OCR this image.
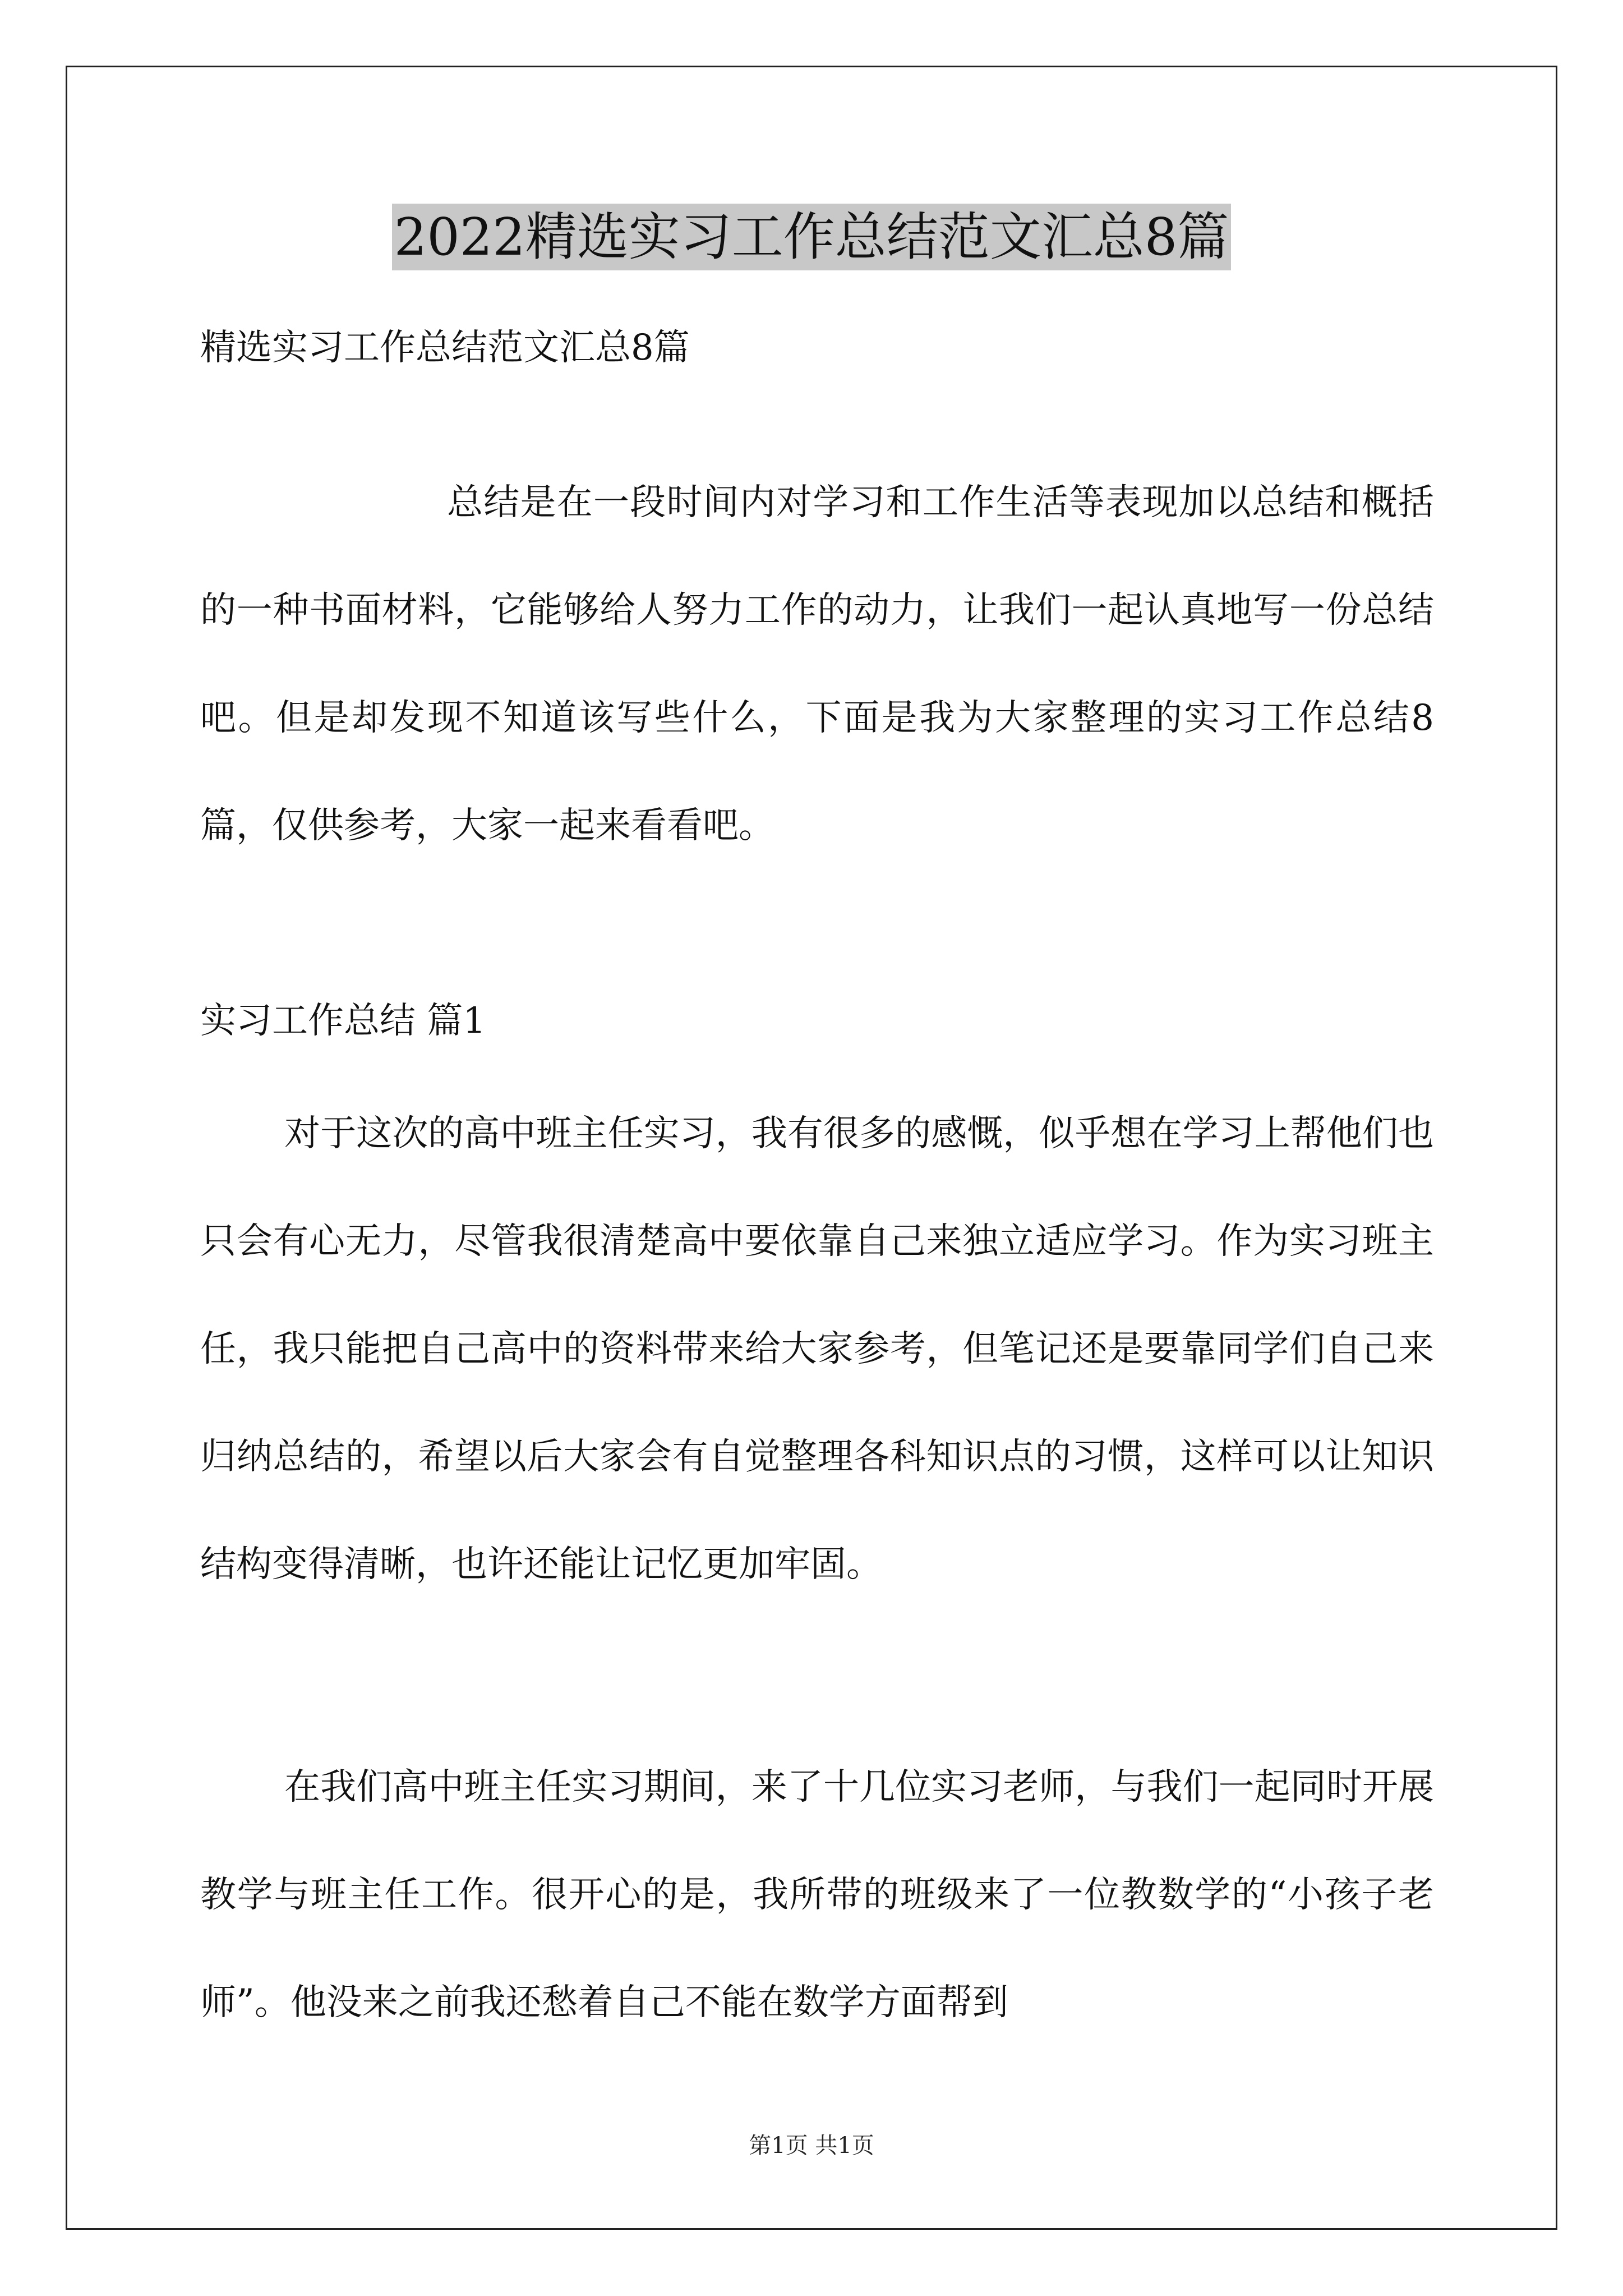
2022精选实习工作总结范文汇总8篇
精选实习工作总结范文汇总8篇
总结是在一段时间内对学习和工作生活等表现加以总结和概括的一种书面材料，它能够给人努力工作的动力，让我们一起认真地写一份总结吧。但是却发现不知道该写些什么，下面是我为大家整理的实习工作总结8篇，仅供参考，大家一起来看看吧。
实习工作总结 篇1
对于这次的高中班主任实习，我有很多的感慨，似乎想在学习上帮他们也只会有心无力，尽管我很清楚高中要依靠自己来独立适应学习。作为实习班主任，我只能把自己高中的资料带来给大家参考，但笔记还是要靠同学们自己来归纳总结的，希望以后大家会有自觉整理各科知识点的习惯，这样可以让知识结构变得清晰，也许还能让记忆更加牢固。
在我们高中班主任实习期间，来了十几位实习老师，与我们一起同时开展教学与班主任工作。很开心的是，我所带的班级来了一位教数学的“小孩子老师”。他没来之前我还愁着自己不能在数学方面帮到
第1页 共1页
